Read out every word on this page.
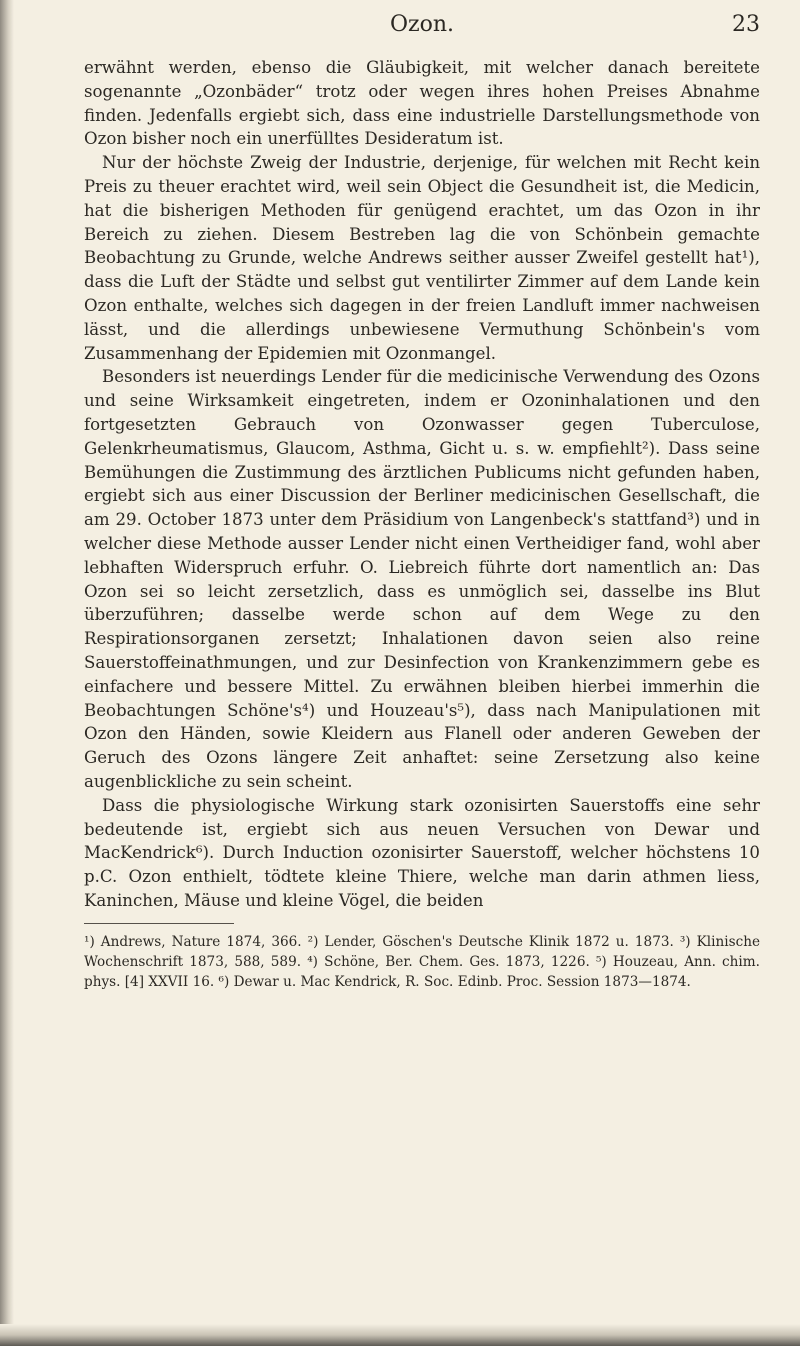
Ozon.	23

erwähnt werden, ebenso die Gläubigkeit, mit welcher danach bereitete sogenannte „Ozonbäder“ trotz oder wegen ihres hohen Preises Abnahme finden. Jedenfalls ergiebt sich, dass eine industrielle Darstellungsmethode von Ozon bisher noch ein unerfülltes Desideratum ist.

Nur der höchste Zweig der Industrie, derjenige, für welchen mit Recht kein Preis zu theuer erachtet wird, weil sein Object die Gesundheit ist, die Medicin, hat die bisherigen Methoden für genügend erachtet, um das Ozon in ihr Bereich zu ziehen. Diesem Bestreben lag die von Schönbein gemachte Beobachtung zu Grunde, welche Andrews seither ausser Zweifel gestellt hat¹), dass die Luft der Städte und selbst gut ventilirter Zimmer auf dem Lande kein Ozon enthalte, welches sich dagegen in der freien Landluft immer nachweisen lässt, und die allerdings unbewiesene Vermuthung Schönbein's vom Zusammenhang der Epidemien mit Ozonmangel.

Besonders ist neuerdings Lender für die medicinische Verwendung des Ozons und seine Wirksamkeit eingetreten, indem er Ozoninhalationen und den fortgesetzten Gebrauch von Ozonwasser gegen Tuberculose, Gelenkrheumatismus, Glaucom, Asthma, Gicht u. s. w. empfiehlt²). Dass seine Bemühungen die Zustimmung des ärztlichen Publicums nicht gefunden haben, ergiebt sich aus einer Discussion der Berliner medicinischen Gesellschaft, die am 29. October 1873 unter dem Präsidium von Langenbeck's stattfand³) und in welcher diese Methode ausser Lender nicht einen Vertheidiger fand, wohl aber lebhaften Widerspruch erfuhr. O. Liebreich führte dort namentlich an: Das Ozon sei so leicht zersetzlich, dass es unmöglich sei, dasselbe ins Blut überzuführen; dasselbe werde schon auf dem Wege zu den Respirationsorganen zersetzt; Inhalationen davon seien also reine Sauerstoffeinathmungen, und zur Desinfection von Krankenzimmern gebe es einfachere und bessere Mittel. Zu erwähnen bleiben hierbei immerhin die Beobachtungen Schöne's⁴) und Houzeau's⁵), dass nach Manipulationen mit Ozon den Händen, sowie Kleidern aus Flanell oder anderen Geweben der Geruch des Ozons längere Zeit anhaftet: seine Zersetzung also keine augenblickliche zu sein scheint.

Dass die physiologische Wirkung stark ozonisirten Sauerstoffs eine sehr bedeutende ist, ergiebt sich aus neuen Versuchen von Dewar und MacKendrick⁶). Durch Induction ozonisirter Sauerstoff, welcher höchstens 10 p.C. Ozon enthielt, tödtete kleine Thiere, welche man darin athmen liess, Kaninchen, Mäuse und kleine Vögel, die beiden

¹) Andrews, Nature 1874, 366. ²) Lender, Göschen's Deutsche Klinik 1872 u. 1873. ³) Klinische Wochenschrift 1873, 588, 589. ⁴) Schöne, Ber. Chem. Ges. 1873, 1226. ⁵) Houzeau, Ann. chim. phys. [4] XXVII 16. ⁶) Dewar u. Mac Kendrick, R. Soc. Edinb. Proc. Session 1873—1874.
